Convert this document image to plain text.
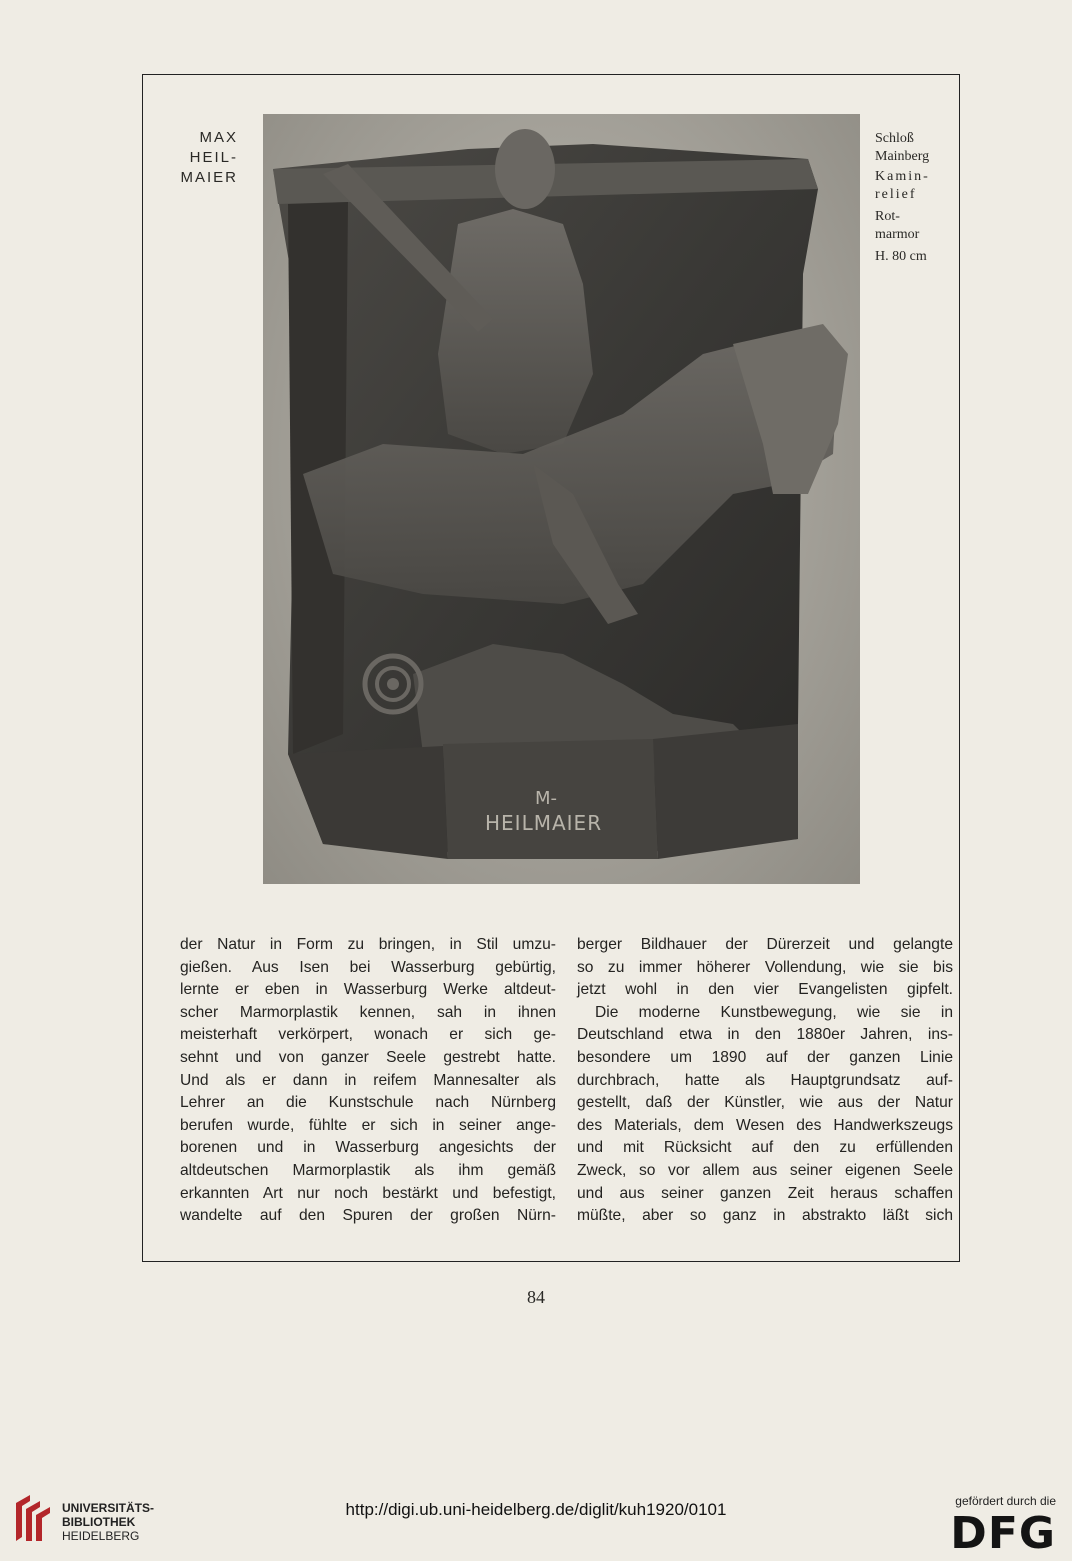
MAX
HEIL-
MAIER
Schloß
Mainberg
Kamin-
relief
Rot-
marmor
H. 80 cm
M-
HEILMAIER
der Natur in Form zu bringen, in Stil umzu-
gießen. Aus Isen bei Wasserburg gebürtig,
lernte er eben in Wasserburg Werke altdeut-
scher Marmorplastik kennen, sah in ihnen
meisterhaft verkörpert, wonach er sich ge-
sehnt und von ganzer Seele gestrebt hatte.
Und als er dann in reifem Mannesalter als
Lehrer an die Kunstschule nach Nürnberg
berufen wurde, fühlte er sich in seiner ange-
borenen und in Wasserburg angesichts der
altdeutschen Marmorplastik als ihm gemäß
erkannten Art nur noch bestärkt und befestigt,
wandelte auf den Spuren der großen Nürn-
berger Bildhauer der Dürerzeit und gelangte
so zu immer höherer Vollendung, wie sie bis
jetzt wohl in den vier Evangelisten gipfelt.
Die moderne Kunstbewegung, wie sie in
Deutschland etwa in den 1880er Jahren, ins-
besondere um 1890 auf der ganzen Linie
durchbrach, hatte als Hauptgrundsatz auf-
gestellt, daß der Künstler, wie aus der Natur
des Materials, dem Wesen des Handwerkszeugs
und mit Rücksicht auf den zu erfüllenden
Zweck, so vor allem aus seiner eigenen Seele
und aus seiner ganzen Zeit heraus schaffen
müßte, aber so ganz in abstrakto läßt sich
84
UNIVERSITÄTS-
BIBLIOTHEK
HEIDELBERG
http://digi.ub.uni-heidelberg.de/diglit/kuh1920/0101	gefördert durch die
DFG
